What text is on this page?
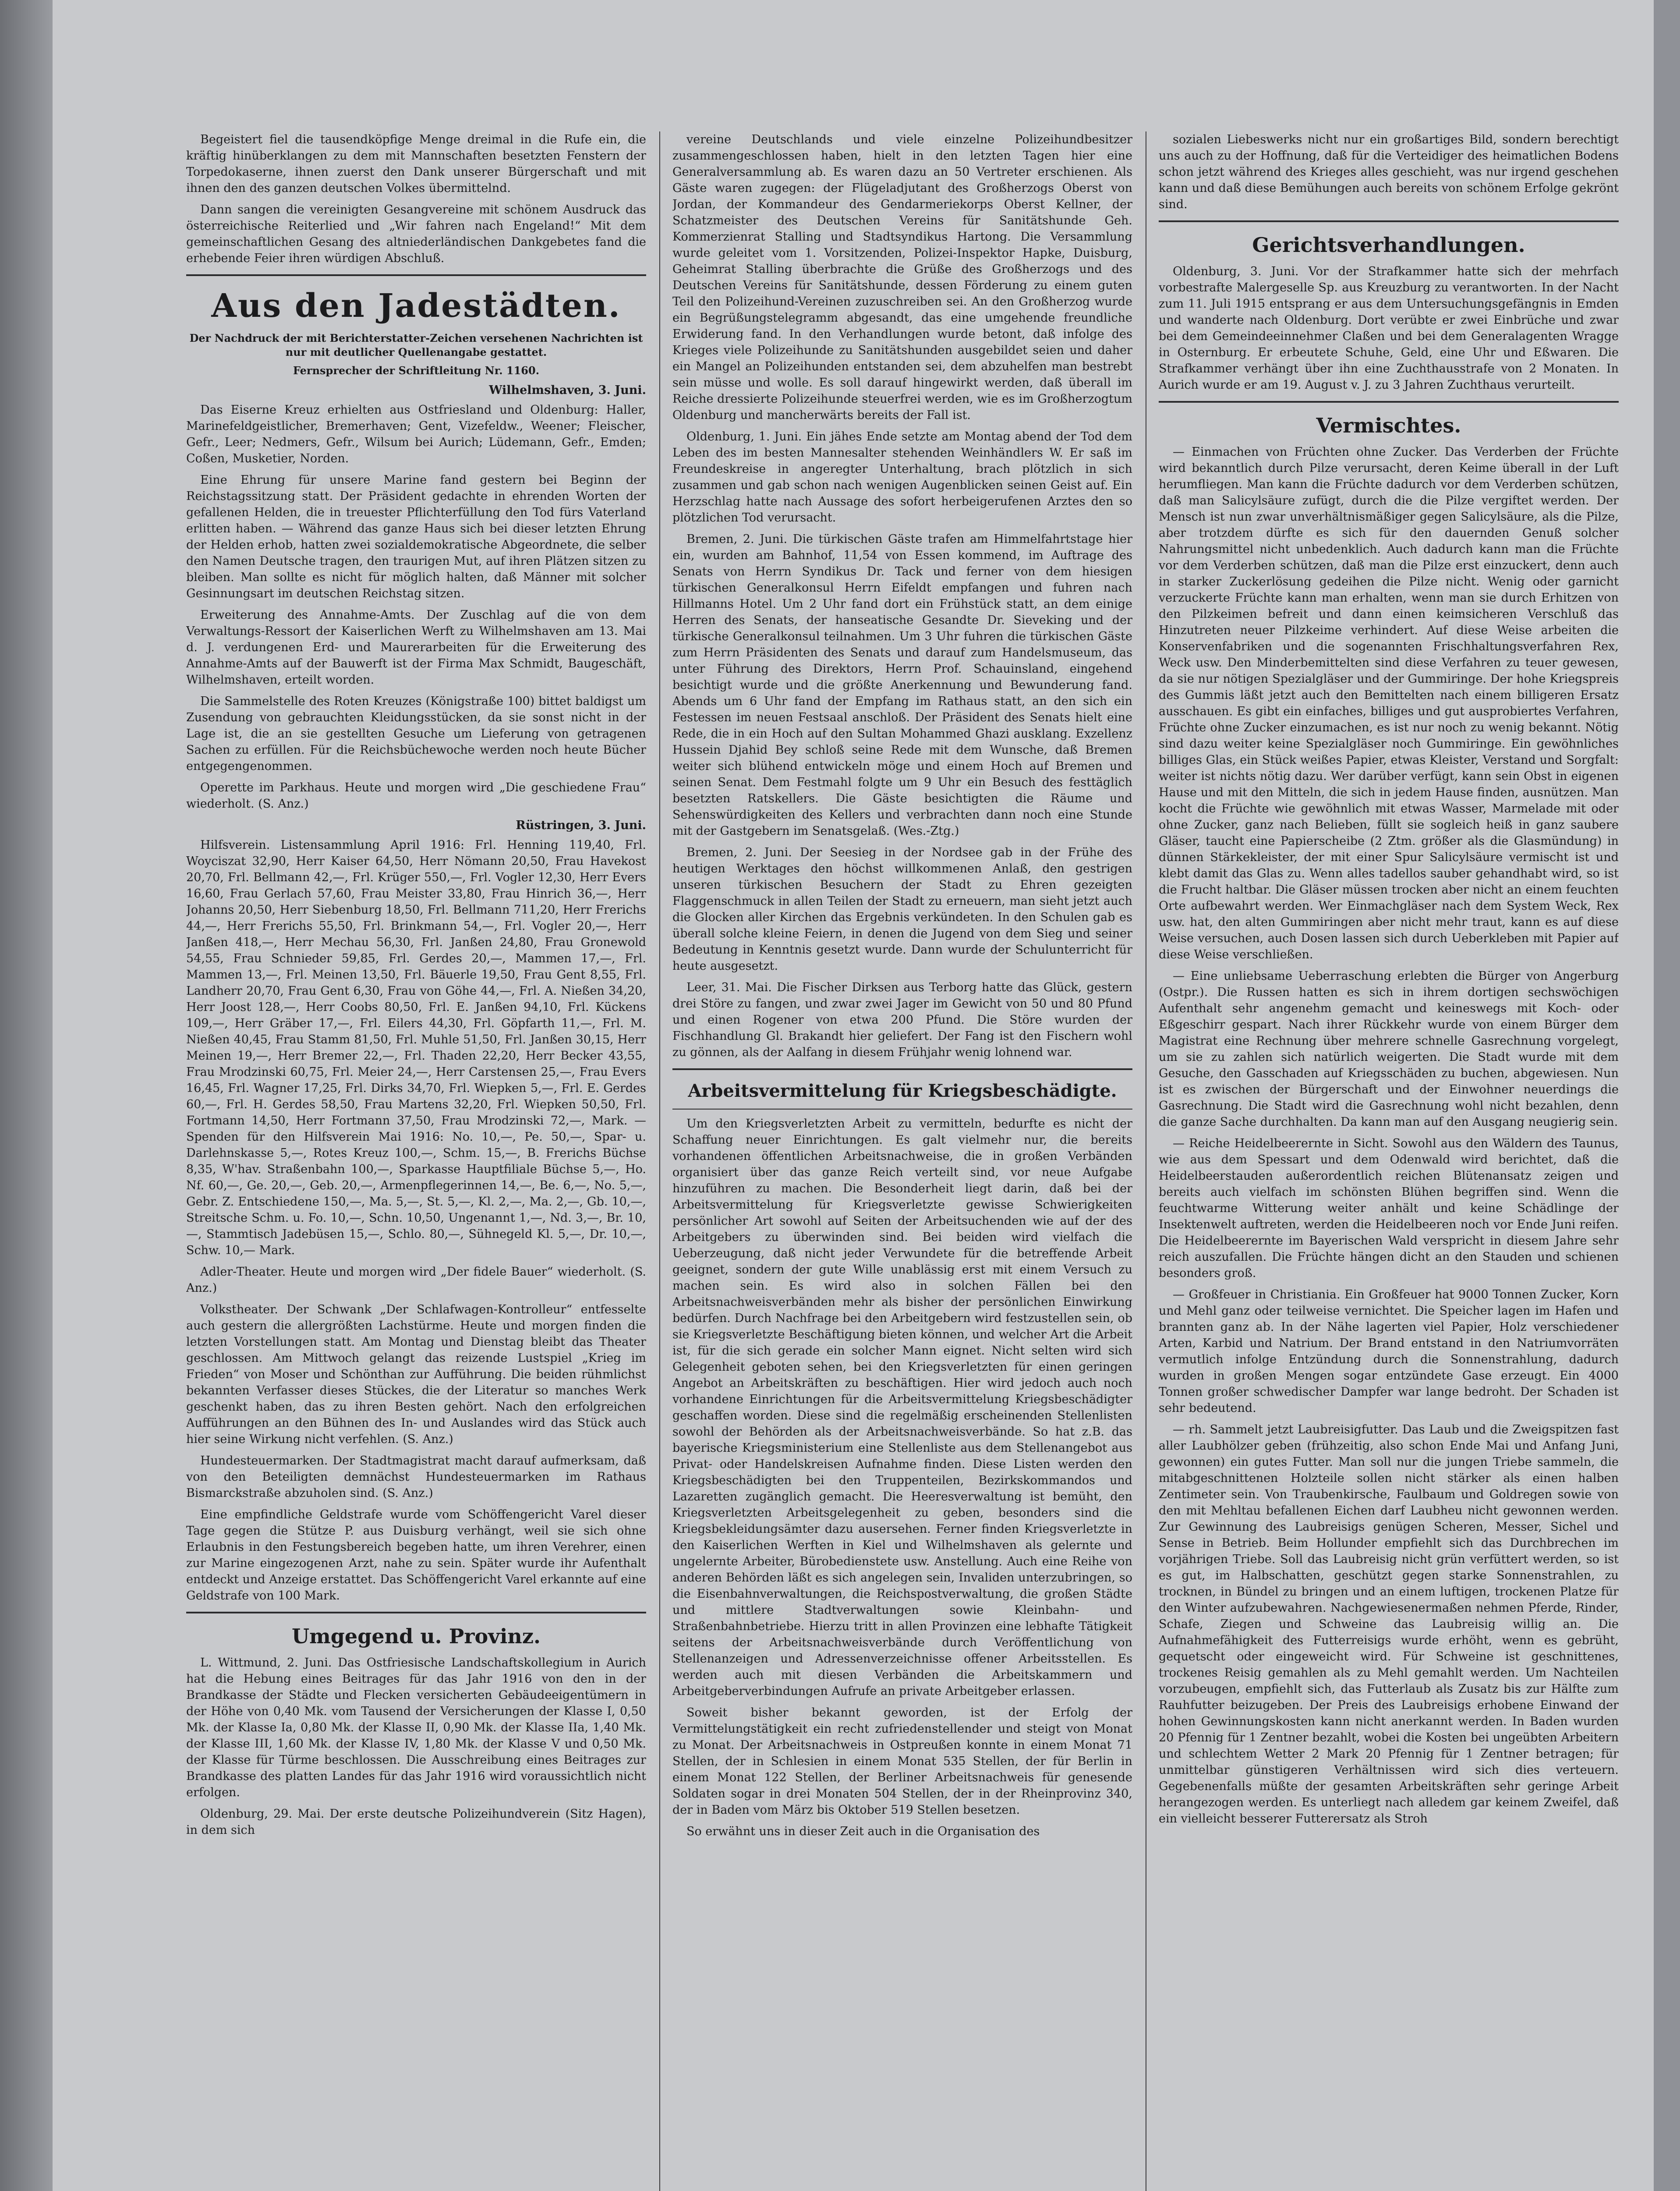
Begeistert fiel die tausendköpfige Menge dreimal in die Rufe ein, die kräftig hinüberklangen zu dem mit Mannschaften besetzten Fenstern der Torpedokaserne, ihnen zuerst den Dank unserer Bürgerschaft und mit ihnen den des ganzen deutschen Volkes übermittelnd.

Dann sangen die vereinigten Gesangvereine mit schönem Ausdruck das österreichische Reiterlied und „Wir fahren nach Engeland!“ Mit dem gemeinschaftlichen Gesang des altniederländischen Dankgebetes fand die erhebende Feier ihren würdigen Abschluß.

Aus den Jadestädten.
Der Nachdruck der mit Berichterstatter-Zeichen versehenen Nachrichten ist nur mit deutlicher Quellenangabe gestattet.
Fernsprecher der Schriftleitung Nr. 1160.
Wilhelmshaven, 3. Juni.

Das Eiserne Kreuz erhielten aus Ostfriesland und Oldenburg: Haller, Marinefeldgeistlicher, Bremerhaven; Gent, Vizefeldw., Weener; Fleischer, Gefr., Leer; Nedmers, Gefr., Wilsum bei Aurich; Lüdemann, Gefr., Emden; Coßen, Musketier, Norden.

Eine Ehrung für unsere Marine fand gestern bei Beginn der Reichstagssitzung statt. Der Präsident gedachte in ehrenden Worten der gefallenen Helden, die in treuester Pflichterfüllung den Tod fürs Vaterland erlitten haben. — Während das ganze Haus sich bei dieser letzten Ehrung der Helden erhob, hatten zwei sozialdemokratische Abgeordnete, die selber den Namen Deutsche tragen, den traurigen Mut, auf ihren Plätzen sitzen zu bleiben. Man sollte es nicht für möglich halten, daß Männer mit solcher Gesinnungsart im deutschen Reichstag sitzen.

Erweiterung des Annahme-Amts. Der Zuschlag auf die von dem Verwaltungs-Ressort der Kaiserlichen Werft zu Wilhelmshaven am 13. Mai d. J. verdungenen Erd- und Maurerarbeiten für die Erweiterung des Annahme-Amts auf der Bauwerft ist der Firma Max Schmidt, Baugeschäft, Wilhelmshaven, erteilt worden.

Die Sammelstelle des Roten Kreuzes (Königstraße 100) bittet baldigst um Zusendung von gebrauchten Kleidungsstücken, da sie sonst nicht in der Lage ist, die an sie gestellten Gesuche um Lieferung von getragenen Sachen zu erfüllen. Für die Reichsbüchewoche werden noch heute Bücher entgegengenommen.

Operette im Parkhaus. Heute und morgen wird „Die geschiedene Frau“ wiederholt. (S. Anz.)

Rüstringen, 3. Juni.

Hilfsverein. Listensammlung April 1916: Frl. Henning 119,40, Frl. Woyciszat 32,90, Herr Kaiser 64,50, Herr Nömann 20,50, Frau Havekost 20,70, Frl. Bellmann 42,—, Frl. Krüger 550,—, Frl. Vogler 12,30, Herr Evers 16,60, Frau Gerlach 57,60, Frau Meister 33,80, Frau Hinrich 36,—, Herr Johanns 20,50, Herr Siebenburg 18,50, Frl. Bellmann 711,20, Herr Frerichs 44,—, Herr Frerichs 55,50, Frl. Brinkmann 54,—, Frl. Vogler 20,—, Herr Janßen 418,—, Herr Mechau 56,30, Frl. Janßen 24,80, Frau Gronewold 54,55, Frau Schnieder 59,85, Frl. Gerdes 20,—, Mammen 17,—, Frl. Mammen 13,—, Frl. Meinen 13,50, Frl. Bäuerle 19,50, Frau Gent 8,55, Frl. Landherr 20,70, Frau Gent 6,30, Frau von Göhe 44,—, Frl. A. Nießen 34,20, Herr Joost 128,—, Herr Coobs 80,50, Frl. E. Janßen 94,10, Frl. Kückens 109,—, Herr Gräber 17,—, Frl. Eilers 44,30, Frl. Göpfarth 11,—, Frl. M. Nießen 40,45, Frau Stamm 81,50, Frl. Muhle 51,50, Frl. Janßen 30,15, Herr Meinen 19,—, Herr Bremer 22,—, Frl. Thaden 22,20, Herr Becker 43,55, Frau Mrodzinski 60,75, Frl. Meier 24,—, Herr Carstensen 25,—, Frau Evers 16,45, Frl. Wagner 17,25, Frl. Dirks 34,70, Frl. Wiepken 5,—, Frl. E. Gerdes 60,—, Frl. H. Gerdes 58,50, Frau Martens 32,20, Frl. Wiepken 50,50, Frl. Fortmann 14,50, Herr Fortmann 37,50, Frau Mrodzinski 72,—, Mark. — Spenden für den Hilfsverein Mai 1916: No. 10,—, Pe. 50,—, Spar- u. Darlehnskasse 5,—, Rotes Kreuz 100,—, Schm. 15,—, B. Frerichs Büchse 8,35, W'hav. Straßenbahn 100,—, Sparkasse Hauptfiliale Büchse 5,—, Ho. Nf. 60,—, Ge. 20,—, Geb. 20,—, Armenpflegerinnen 14,—, Be. 6,—, No. 5,—, Gebr. Z. Entschiedene 150,—, Ma. 5,—, St. 5,—, Kl. 2,—, Ma. 2,—, Gb. 10,—, Streitsche Schm. u. Fo. 10,—, Schn. 10,50, Ungenannt 1,—, Nd. 3,—, Br. 10,—, Stammtisch Jadebüsen 15,—, Schlo. 80,—, Sühnegeld Kl. 5,—, Dr. 10,—, Schw. 10,— Mark.

Adler-Theater. Heute und morgen wird „Der fidele Bauer“ wiederholt. (S. Anz.)

Volkstheater. Der Schwank „Der Schlafwagen-Kontrolleur“ entfesselte auch gestern die allergrößten Lachstürme. Heute und morgen finden die letzten Vorstellungen statt. Am Montag und Dienstag bleibt das Theater geschlossen. Am Mittwoch gelangt das reizende Lustspiel „Krieg im Frieden“ von Moser und Schönthan zur Aufführung. Die beiden rühmlichst bekannten Verfasser dieses Stückes, die der Literatur so manches Werk geschenkt haben, das zu ihren Besten gehört. Nach den erfolgreichen Aufführungen an den Bühnen des In- und Auslandes wird das Stück auch hier seine Wirkung nicht verfehlen. (S. Anz.)

Hundesteuermarken. Der Stadtmagistrat macht darauf aufmerksam, daß von den Beteiligten demnächst Hundesteuermarken im Rathaus Bismarckstraße abzuholen sind. (S. Anz.)

Eine empfindliche Geldstrafe wurde vom Schöffengericht Varel dieser Tage gegen die Stütze P. aus Duisburg verhängt, weil sie sich ohne Erlaubnis in den Festungsbereich begeben hatte, um ihren Verehrer, einen zur Marine eingezogenen Arzt, nahe zu sein. Später wurde ihr Aufenthalt entdeckt und Anzeige erstattet. Das Schöffengericht Varel erkannte auf eine Geldstrafe von 100 Mark.

Umgegend u. Provinz.

L. Wittmund, 2. Juni. Das Ostfriesische Landschaftskollegium in Aurich hat die Hebung eines Beitrages für das Jahr 1916 von den in der Brandkasse der Städte und Flecken versicherten Gebäudeeigentümern in der Höhe von 0,40 Mk. vom Tausend der Versicherungen der Klasse I, 0,50 Mk. der Klasse Ia, 0,80 Mk. der Klasse II, 0,90 Mk. der Klasse IIa, 1,40 Mk. der Klasse III, 1,60 Mk. der Klasse IV, 1,80 Mk. der Klasse V und 0,50 Mk. der Klasse für Türme beschlossen. Die Ausschreibung eines Beitrages zur Brandkasse des platten Landes für das Jahr 1916 wird voraussichtlich nicht erfolgen.

Oldenburg, 29. Mai. Der erste deutsche Polizeihundverein (Sitz Hagen), in dem sich

vereine Deutschlands und viele einzelne Polizeihundbesitzer zusammengeschlossen haben, hielt in den letzten Tagen hier eine Generalversammlung ab. Es waren dazu an 50 Vertreter erschienen. Als Gäste waren zugegen: der Flügeladjutant des Großherzogs Oberst von Jordan, der Kommandeur des Gendarmeriekorps Oberst Kellner, der Schatzmeister des Deutschen Vereins für Sanitätshunde Geh. Kommerzienrat Stalling und Stadtsyndikus Hartong. Die Versammlung wurde geleitet vom 1. Vorsitzenden, Polizei-Inspektor Hapke, Duisburg, Geheimrat Stalling überbrachte die Grüße des Großherzogs und des Deutschen Vereins für Sanitätshunde, dessen Förderung zu einem guten Teil den Polizeihund-Vereinen zuzuschreiben sei. An den Großherzog wurde ein Begrüßungstelegramm abgesandt, das eine umgehende freundliche Erwiderung fand. In den Verhandlungen wurde betont, daß infolge des Krieges viele Polizeihunde zu Sanitätshunden ausgebildet seien und daher ein Mangel an Polizeihunden entstanden sei, dem abzuhelfen man bestrebt sein müsse und wolle. Es soll darauf hingewirkt werden, daß überall im Reiche dressierte Polizeihunde steuerfrei werden, wie es im Großherzogtum Oldenburg und mancherwärts bereits der Fall ist.

Oldenburg, 1. Juni. Ein jähes Ende setzte am Montag abend der Tod dem Leben des im besten Mannesalter stehenden Weinhändlers W. Er saß im Freundeskreise in angeregter Unterhaltung, brach plötzlich in sich zusammen und gab schon nach wenigen Augenblicken seinen Geist auf. Ein Herzschlag hatte nach Aussage des sofort herbeigerufenen Arztes den so plötzlichen Tod verursacht.

Bremen, 2. Juni. Die türkischen Gäste trafen am Himmelfahrtstage hier ein, wurden am Bahnhof, 11,54 von Essen kommend, im Auftrage des Senats von Herrn Syndikus Dr. Tack und ferner von dem hiesigen türkischen Generalkonsul Herrn Eifeldt empfangen und fuhren nach Hillmanns Hotel. Um 2 Uhr fand dort ein Frühstück statt, an dem einige Herren des Senats, der hanseatische Gesandte Dr. Sieveking und der türkische Generalkonsul teilnahmen. Um 3 Uhr fuhren die türkischen Gäste zum Herrn Präsidenten des Senats und darauf zum Handelsmuseum, das unter Führung des Direktors, Herrn Prof. Schauinsland, eingehend besichtigt wurde und die größte Anerkennung und Bewunderung fand. Abends um 6 Uhr fand der Empfang im Rathaus statt, an den sich ein Festessen im neuen Festsaal anschloß. Der Präsident des Senats hielt eine Rede, die in ein Hoch auf den Sultan Mohammed Ghazi ausklang. Exzellenz Hussein Djahid Bey schloß seine Rede mit dem Wunsche, daß Bremen weiter sich blühend entwickeln möge und einem Hoch auf Bremen und seinen Senat. Dem Festmahl folgte um 9 Uhr ein Besuch des festtäglich besetzten Ratskellers. Die Gäste besichtigten die Räume und Sehenswürdigkeiten des Kellers und verbrachten dann noch eine Stunde mit der Gastgebern im Senatsgelaß. (Wes.-Ztg.)

Bremen, 2. Juni. Der Seesieg in der Nordsee gab in der Frühe des heutigen Werktages den höchst willkommenen Anlaß, den gestrigen unseren türkischen Besuchern der Stadt zu Ehren gezeigten Flaggenschmuck in allen Teilen der Stadt zu erneuern, man sieht jetzt auch die Glocken aller Kirchen das Ergebnis verkündeten. In den Schulen gab es überall solche kleine Feiern, in denen die Jugend von dem Sieg und seiner Bedeutung in Kenntnis gesetzt wurde. Dann wurde der Schulunterricht für heute ausgesetzt.

Leer, 31. Mai. Die Fischer Dirksen aus Terborg hatte das Glück, gestern drei Störe zu fangen, und zwar zwei Jager im Gewicht von 50 und 80 Pfund und einen Rogener von etwa 200 Pfund. Die Störe wurden der Fischhandlung Gl. Brakandt hier geliefert. Der Fang ist den Fischern wohl zu gönnen, als der Aalfang in diesem Frühjahr wenig lohnend war.

Arbeitsvermittelung für Kriegsbeschädigte.

Um den Kriegsverletzten Arbeit zu vermitteln, bedurfte es nicht der Schaffung neuer Einrichtungen. Es galt vielmehr nur, die bereits vorhandenen öffentlichen Arbeitsnachweise, die in großen Verbänden organisiert über das ganze Reich verteilt sind, vor neue Aufgabe hinzuführen zu machen. Die Besonderheit liegt darin, daß bei der Arbeitsvermittelung für Kriegsverletzte gewisse Schwierigkeiten persönlicher Art sowohl auf Seiten der Arbeitsuchenden wie auf der des Arbeitgebers zu überwinden sind. Bei beiden wird vielfach die Ueberzeugung, daß nicht jeder Verwundete für die betreffende Arbeit geeignet, sondern der gute Wille unablässig erst mit einem Versuch zu machen sein. Es wird also in solchen Fällen bei den Arbeitsnachweisverbänden mehr als bisher der persönlichen Einwirkung bedürfen. Durch Nachfrage bei den Arbeitgebern wird festzustellen sein, ob sie Kriegsverletzte Beschäftigung bieten können, und welcher Art die Arbeit ist, für die sich gerade ein solcher Mann eignet. Nicht selten wird sich Gelegenheit geboten sehen, bei den Kriegsverletzten für einen geringen Angebot an Arbeitskräften zu beschäftigen. Hier wird jedoch auch noch vorhandene Einrichtungen für die Arbeitsvermittelung Kriegsbeschädigter geschaffen worden. Diese sind die regelmäßig erscheinenden Stellenlisten sowohl der Behörden als der Arbeitsnachweisverbände. So hat z.B. das bayerische Kriegsministerium eine Stellenliste aus dem Stellenangebot aus Privat- oder Handelskreisen Aufnahme finden. Diese Listen werden den Kriegsbeschädigten bei den Truppenteilen, Bezirkskommandos und Lazaretten zugänglich gemacht. Die Heeresverwaltung ist bemüht, den Kriegsverletzten Arbeitsgelegenheit zu geben, besonders sind die Kriegsbekleidungsämter dazu ausersehen. Ferner finden Kriegsverletzte in den Kaiserlichen Werften in Kiel und Wilhelmshaven als gelernte und ungelernte Arbeiter, Bürobedienstete usw. Anstellung. Auch eine Reihe von anderen Behörden läßt es sich angelegen sein, Invaliden unterzubringen, so die Eisenbahnverwaltungen, die Reichspostverwaltung, die großen Städte und mittlere Stadtverwaltungen sowie Kleinbahn- und Straßenbahnbetriebe. Hierzu tritt in allen Provinzen eine lebhafte Tätigkeit seitens der Arbeitsnachweisverbände durch Veröffentlichung von Stellenanzeigen und Adressenverzeichnisse offener Arbeitsstellen. Es werden auch mit diesen Verbänden die Arbeitskammern und Arbeitgeberverbindungen Aufrufe an private Arbeitgeber erlassen.

Soweit bisher bekannt geworden, ist der Erfolg der Vermittelungstätigkeit ein recht zufriedenstellender und steigt von Monat zu Monat. Der Arbeitsnachweis in Ostpreußen konnte in einem Monat 71 Stellen, der in Schlesien in einem Monat 535 Stellen, der für Berlin in einem Monat 122 Stellen, der Berliner Arbeitsnachweis für genesende Soldaten sogar in drei Monaten 504 Stellen, der in der Rheinprovinz 340, der in Baden vom März bis Oktober 519 Stellen besetzen.

So erwähnt uns in dieser Zeit auch in die Organisation des

sozialen Liebeswerks nicht nur ein großartiges Bild, sondern berechtigt uns auch zu der Hoffnung, daß für die Verteidiger des heimatlichen Bodens schon jetzt während des Krieges alles geschieht, was nur irgend geschehen kann und daß diese Bemühungen auch bereits von schönem Erfolge gekrönt sind.

Gerichtsverhandlungen.

Oldenburg, 3. Juni. Vor der Strafkammer hatte sich der mehrfach vorbestrafte Malergeselle Sp. aus Kreuzburg zu verantworten. In der Nacht zum 11. Juli 1915 entsprang er aus dem Untersuchungsgefängnis in Emden und wanderte nach Oldenburg. Dort verübte er zwei Einbrüche und zwar bei dem Gemeindeeinnehmer Claßen und bei dem Generalagenten Wragge in Osternburg. Er erbeutete Schuhe, Geld, eine Uhr und Eßwaren. Die Strafkammer verhängt über ihn eine Zuchthausstrafe von 2 Monaten. In Aurich wurde er am 19. August v. J. zu 3 Jahren Zuchthaus verurteilt.

Vermischtes.

— Einmachen von Früchten ohne Zucker. Das Verderben der Früchte wird bekanntlich durch Pilze verursacht, deren Keime überall in der Luft herumfliegen. Man kann die Früchte dadurch vor dem Verderben schützen, daß man Salicylsäure zufügt, durch die die Pilze vergiftet werden. Der Mensch ist nun zwar unverhältnismäßiger gegen Salicylsäure, als die Pilze, aber trotzdem dürfte es sich für den dauernden Genuß solcher Nahrungsmittel nicht unbedenklich. Auch dadurch kann man die Früchte vor dem Verderben schützen, daß man die Pilze erst einzuckert, denn auch in starker Zuckerlösung gedeihen die Pilze nicht. Wenig oder garnicht verzuckerte Früchte kann man erhalten, wenn man sie durch Erhitzen von den Pilzkeimen befreit und dann einen keimsicheren Verschluß das Hinzutreten neuer Pilzkeime verhindert. Auf diese Weise arbeiten die Konservenfabriken und die sogenannten Frischhaltungsverfahren Rex, Weck usw. Den Minderbemittelten sind diese Verfahren zu teuer gewesen, da sie nur nötigen Spezialgläser und der Gummiringe. Der hohe Kriegspreis des Gummis läßt jetzt auch den Bemittelten nach einem billigeren Ersatz ausschauen. Es gibt ein einfaches, billiges und gut ausprobiertes Verfahren, Früchte ohne Zucker einzumachen, es ist nur noch zu wenig bekannt. Nötig sind dazu weiter keine Spezialgläser noch Gummiringe. Ein gewöhnliches billiges Glas, ein Stück weißes Papier, etwas Kleister, Verstand und Sorgfalt: weiter ist nichts nötig dazu. Wer darüber verfügt, kann sein Obst in eigenen Hause und mit den Mitteln, die sich in jedem Hause finden, ausnützen. Man kocht die Früchte wie gewöhnlich mit etwas Wasser, Marmelade mit oder ohne Zucker, ganz nach Belieben, füllt sie sogleich heiß in ganz saubere Gläser, taucht eine Papierscheibe (2 Ztm. größer als die Glasmündung) in dünnen Stärkekleister, der mit einer Spur Salicylsäure vermischt ist und klebt damit das Glas zu. Wenn alles tadellos sauber gehandhabt wird, so ist die Frucht haltbar. Die Gläser müssen trocken aber nicht an einem feuchten Orte aufbewahrt werden. Wer Einmachgläser nach dem System Weck, Rex usw. hat, den alten Gummiringen aber nicht mehr traut, kann es auf diese Weise versuchen, auch Dosen lassen sich durch Ueberkleben mit Papier auf diese Weise verschließen.

— Eine unliebsame Ueberraschung erlebten die Bürger von Angerburg (Ostpr.). Die Russen hatten es sich in ihrem dortigen sechswöchigen Aufenthalt sehr angenehm gemacht und keineswegs mit Koch- oder Eßgeschirr gespart. Nach ihrer Rückkehr wurde von einem Bürger dem Magistrat eine Rechnung über mehrere schnelle Gasrechnung vorgelegt, um sie zu zahlen sich natürlich weigerten. Die Stadt wurde mit dem Gesuche, den Gasschaden auf Kriegsschäden zu buchen, abgewiesen. Nun ist es zwischen der Bürgerschaft und der Einwohner neuerdings die Gasrechnung. Die Stadt wird die Gasrechnung wohl nicht bezahlen, denn die ganze Sache durchhalten. Da kann man auf den Ausgang neugierig sein.

— Reiche Heidelbeerernte in Sicht. Sowohl aus den Wäldern des Taunus, wie aus dem Spessart und dem Odenwald wird berichtet, daß die Heidelbeerstauden außerordentlich reichen Blütenansatz zeigen und bereits auch vielfach im schönsten Blühen begriffen sind. Wenn die feuchtwarme Witterung weiter anhält und keine Schädlinge der Insektenwelt auftreten, werden die Heidelbeeren noch vor Ende Juni reifen. Die Heidelbeerernte im Bayerischen Wald verspricht in diesem Jahre sehr reich auszufallen. Die Früchte hängen dicht an den Stauden und schienen besonders groß.

— Großfeuer in Christiania. Ein Großfeuer hat 9000 Tonnen Zucker, Korn und Mehl ganz oder teilweise vernichtet. Die Speicher lagen im Hafen und brannten ganz ab. In der Nähe lagerten viel Papier, Holz verschiedener Arten, Karbid und Natrium. Der Brand entstand in den Natriumvorräten vermutlich infolge Entzündung durch die Sonnenstrahlung, dadurch wurden in großen Mengen sogar entzündete Gase erzeugt. Ein 4000 Tonnen großer schwedischer Dampfer war lange bedroht. Der Schaden ist sehr bedeutend.

— rh. Sammelt jetzt Laubreisigfutter. Das Laub und die Zweigspitzen fast aller Laubhölzer geben (frühzeitig, also schon Ende Mai und Anfang Juni, gewonnen) ein gutes Futter. Man soll nur die jungen Triebe sammeln, die mitabgeschnittenen Holzteile sollen nicht stärker als einen halben Zentimeter sein. Von Traubenkirsche, Faulbaum und Goldregen sowie von den mit Mehltau befallenen Eichen darf Laubheu nicht gewonnen werden. Zur Gewinnung des Laubreisigs genügen Scheren, Messer, Sichel und Sense in Betrieb. Beim Hollunder empfiehlt sich das Durchbrechen im vorjährigen Triebe. Soll das Laubreisig nicht grün verfüttert werden, so ist es gut, im Halbschatten, geschützt gegen starke Sonnenstrahlen, zu trocknen, in Bündel zu bringen und an einem luftigen, trockenen Platze für den Winter aufzubewahren. Nachgewiesenermaßen nehmen Pferde, Rinder, Schafe, Ziegen und Schweine das Laubreisig willig an. Die Aufnahmefähigkeit des Futterreisigs wurde erhöht, wenn es gebrüht, gequetscht oder eingeweicht wird. Für Schweine ist geschnittenes, trockenes Reisig gemahlen als zu Mehl gemahlt werden. Um Nachteilen vorzubeugen, empfiehlt sich, das Futterlaub als Zusatz bis zur Hälfte zum Rauhfutter beizugeben. Der Preis des Laubreisigs erhobene Einwand der hohen Gewinnungskosten kann nicht anerkannt werden. In Baden wurden 20 Pfennig für 1 Zentner bezahlt, wobei die Kosten bei ungeübten Arbeitern und schlechtem Wetter 2 Mark 20 Pfennig für 1 Zentner betragen; für unmittelbar günstigeren Verhältnissen wird sich dies verteuern. Gegebenenfalls müßte der gesamten Arbeitskräften sehr geringe Arbeit herangezogen werden. Es unterliegt nach alledem gar keinem Zweifel, daß ein vielleicht besserer Futterersatz als Stroh
